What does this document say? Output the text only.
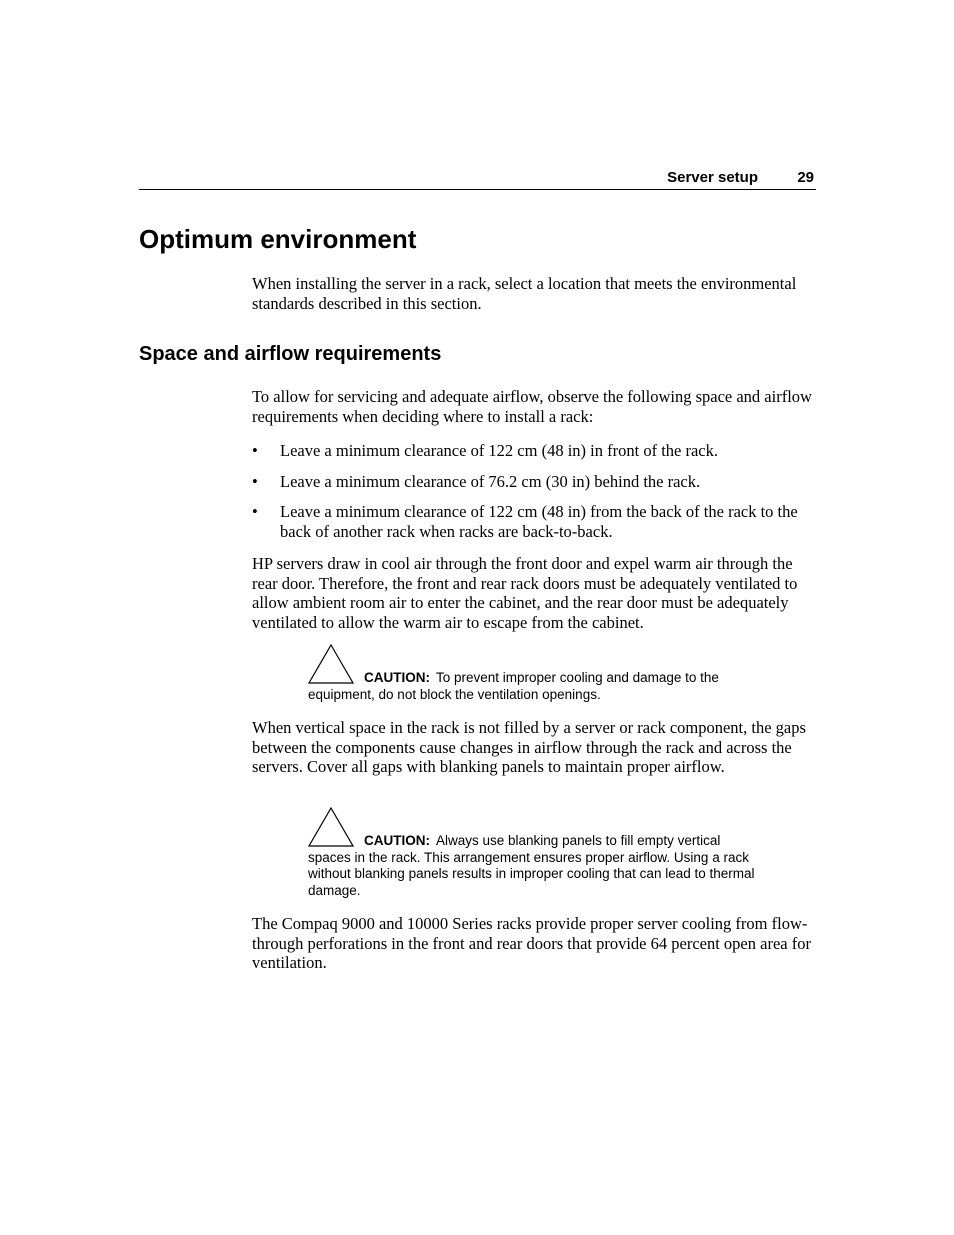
Server setup	29
Optimum environment

When installing the server in a rack, select a location that meets the environmental standards described in this section.

Space and airflow requirements

To allow for servicing and adequate airflow, observe the following space and airflow requirements when deciding where to install a rack:

• Leave a minimum clearance of 122 cm (48 in) in front of the rack.
• Leave a minimum clearance of 76.2 cm (30 in) behind the rack.
• Leave a minimum clearance of 122 cm (48 in) from the back of the rack to the back of another rack when racks are back-to-back.

HP servers draw in cool air through the front door and expel warm air through the rear door. Therefore, the front and rear rack doors must be adequately ventilated to allow ambient room air to enter the cabinet, and the rear door must be adequately ventilated to allow the warm air to escape from the cabinet.

CAUTION: To prevent improper cooling and damage to the equipment, do not block the ventilation openings.

When vertical space in the rack is not filled by a server or rack component, the gaps between the components cause changes in airflow through the rack and across the servers. Cover all gaps with blanking panels to maintain proper airflow.

CAUTION: Always use blanking panels to fill empty vertical spaces in the rack. This arrangement ensures proper airflow. Using a rack without blanking panels results in improper cooling that can lead to thermal damage.

The Compaq 9000 and 10000 Series racks provide proper server cooling from flow-through perforations in the front and rear doors that provide 64 percent open area for ventilation.
